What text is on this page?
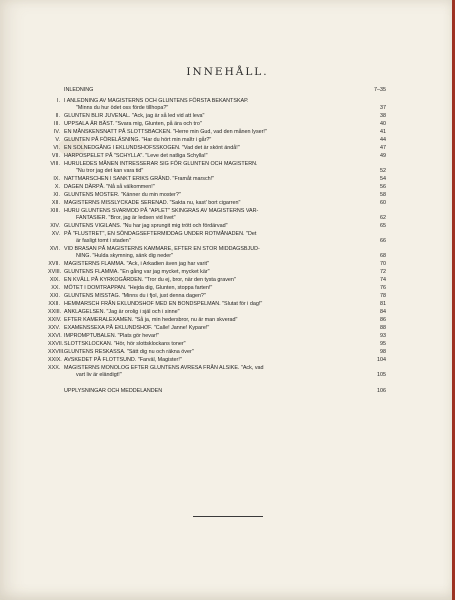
INNEHÅLL.
INLEDNING	7–35

I. I ANLEDNING AV MAGISTERNS OCH GLUNTENS FÖRSTA BEKANTSKAP.

"Minns du hur ödet oss förde tillhopa?"	37
II. GLUNTEN BLIR JUVENAL. "Ack, jag är så led vid att leva"	38

III. UPPSALA ÄR BÄST. "Svara mig, Glunten, på ära och tro"	40

IV. EN MÅNSKENSNATT PÅ SLOTTSBACKEN. "Herre min Gud, vad den månen lyser!"	41

V. GLUNTEN PÅ FÖRELÄSNING. "Har du hört min maîtr i går?"	44

VI. EN SOLNEDGÅNG I EKLUNDSHOFSSKOGEN. "Vad det är skönt ändå!"	47

VII. HARPOSPELET PÅ "SCHYLLA". "Leve det natliga Schylla!"	49

VIII. HURULEDES MÅNEN INTRESSERAR SIG FÖR GLUNTEN OCH MAGISTERN.

"Nu tror jag det kan vara tid"	52
IX. NATTMARSCHEN I SANKT ERIKS GRÄND. "Framåt marsch!"	54

X. DAGEN DÄRPÅ. "Nå så välkommen!"	56

XI. GLUNTENS MOSTER. "Känner du min moster?"	58

XII. MAGISTERNS MISSLYCKADE SERENAD. "Sakta nu, kast' bort cigarren"	60

XIII. HURU GLUNTENS SVARMOD PÅ "APLET" SKINGRAS AV MAGISTERNS VAR-

FANTASIER. "Bror, jag är ledsen vid livet"	62
XIV. GLUNTENS VIGILANS. "Nu har jag sprungit mig trött och fördärvad"	65

XV. PÅ "FLUSTRET", EN SÖNDAGSEFTERMIDDAG UNDER ROTMÅNADEN. "Det

är fasligt tomt i staden"	66
XVI. VID BRASAN PÅ MAGISTERNS KAMMARE, EFTER EN STOR MIDDAGSBJUD-

NING. "Hulda skymning, sänk dig neder"	68
XVII. MAGISTERNS FLAMMA. "Ack, i Arkadien även jag har varit"	70

XVIII. GLUNTENS FLAMMA. "En gång var jag mycket, mycket kär"	72

XIX. EN KVÄLL PÅ KYRKOGÅRDEN. "Tror du ej, bror, när den tysta graven"	74

XX. MÖTET I DOMTRAPPAN. "Hejda dig, Glunten, stoppa farten!"	76

XXI. GLUNTENS MISSTAG. "Minns du i fjol, just denna dagen?"	78

XXII. HEMMARSCH FRÅN EKLUNDSHOF MED EN BONDSPELMAN. "Slutat för i dag!"	81

XXIII. ANKLAGELSEN. "Jag är orolig i själ och i sinne"	84

XXIV. EFTER KAMERALEXAMEN. "Så ja, min hedersbror, nu är man skverad"	86

XXV. EXAMENSSEXA PÅ EKLUNDSHOF. "Calle! Janne! Kypare!"	88

XXVI. IMPROMPTUBALEN. "Plats gör hevar!"	93

XXVII. SLOTTSKLOCKAN. "Hör, hör slottsklockans toner"	95

XXVIII. GLUNTENS RESKASSA. "Sätt dig nu och räkna över"	98

XXIX. AVSKEDET PÅ FLOTTSUND. "Farväl, Magister!"	104

XXX. MAGISTERNS MONOLOG EFTER GLUNTENS AVRESA FRÅN ALSIKE. "Ack, vad

vart liv är eländigt!"	105
UPPLYSNINGAR OCH MEDDELANDEN	106
